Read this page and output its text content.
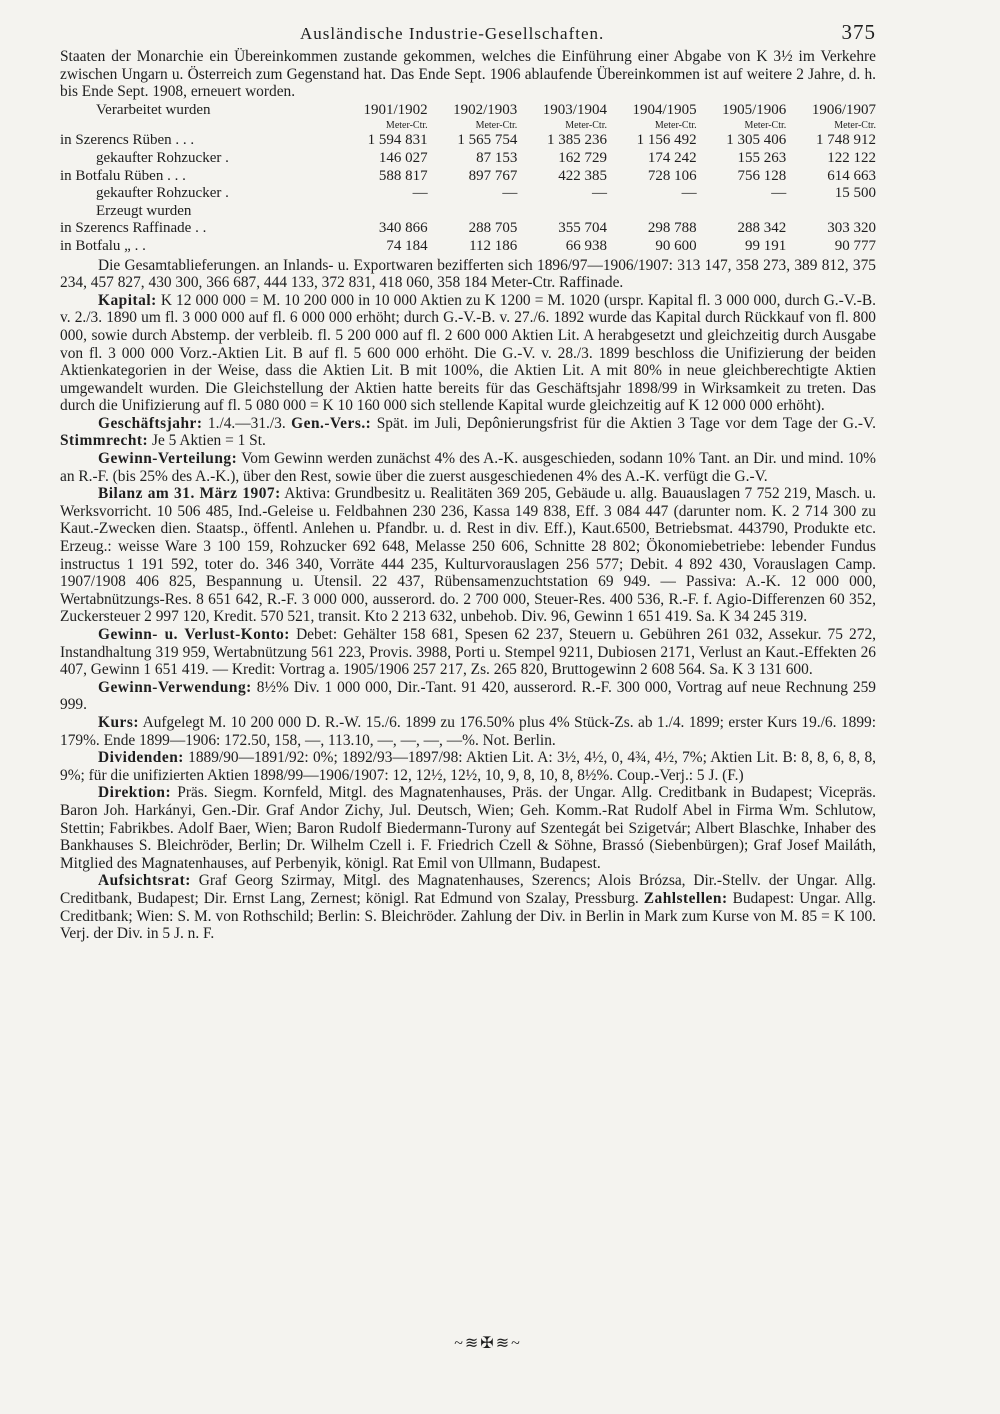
Ausländische Industrie-Gesellschaften.	375

Staaten der Monarchie ein Übereinkommen zustande gekommen, welches die Einführung einer Abgabe von K 3½ im Verkehre zwischen Ungarn u. Österreich zum Gegenstand hat. Das Ende Sept. 1906 ablaufende Übereinkommen ist auf weitere 2 Jahre, d. h. bis Ende Sept. 1908, erneuert worden.

Verarbeitet wurden	1901/1902	1902/1903	1903/1904	1904/1905	1905/1906	1906/1907
	Meter-Ctr.	Meter-Ctr.	Meter-Ctr.	Meter-Ctr.	Meter-Ctr.	Meter-Ctr.
in Szerencs Rüben . . .	1 594 831	1 565 754	1 385 236	1 156 492	1 305 406	1 748 912
gekaufter Rohzucker .	146 027	87 153	162 729	174 242	155 263	122 122
in Botfalu Rüben . . .	588 817	897 767	422 385	728 106	756 128	614 663
gekaufter Rohzucker .	—	—	—	—	—	15 500
Erzeugt wurden						
in Szerencs Raffinade . .	340 866	288 705	355 704	298 788	288 342	303 320
in Botfalu „ . .	74 184	112 186	66 938	90 600	99 191	90 777

Die Gesamtablieferungen. an Inlands- u. Exportwaren bezifferten sich 1896/97—1906/1907: 313 147, 358 273, 389 812, 375 234, 457 827, 430 300, 366 687, 444 133, 372 831, 418 060, 358 184 Meter-Ctr. Raffinade.

Kapital: K 12 000 000 = M. 10 200 000 in 10 000 Aktien zu K 1200 = M. 1020 (urspr. Kapital fl. 3 000 000, durch G.-V.-B. v. 2./3. 1890 um fl. 3 000 000 auf fl. 6 000 000 erhöht; durch G.-V.-B. v. 27./6. 1892 wurde das Kapital durch Rückkauf von fl. 800 000, sowie durch Abstemp. der verbleib. fl. 5 200 000 auf fl. 2 600 000 Aktien Lit. A herabgesetzt und gleichzeitig durch Ausgabe von fl. 3 000 000 Vorz.-Aktien Lit. B auf fl. 5 600 000 erhöht. Die G.-V. v. 28./3. 1899 beschloss die Unifizierung der beiden Aktienkategorien in der Weise, dass die Aktien Lit. B mit 100%, die Aktien Lit. A mit 80% in neue gleichberechtigte Aktien umgewandelt wurden. Die Gleichstellung der Aktien hatte bereits für das Geschäftsjahr 1898/99 in Wirksamkeit zu treten. Das durch die Unifizierung auf fl. 5 080 000 = K 10 160 000 sich stellende Kapital wurde gleichzeitig auf K 12 000 000 erhöht).

Geschäftsjahr: 1./4.—31./3. Gen.-Vers.: Spät. im Juli, Depônierungsfrist für die Aktien 3 Tage vor dem Tage der G.-V. Stimmrecht: Je 5 Aktien = 1 St.

Gewinn-Verteilung: Vom Gewinn werden zunächst 4% des A.-K. ausgeschieden, sodann 10% Tant. an Dir. und mind. 10% an R.-F. (bis 25% des A.-K.), über den Rest, sowie über die zuerst ausgeschiedenen 4% des A.-K. verfügt die G.-V.

Bilanz am 31. März 1907: Aktiva: Grundbesitz u. Realitäten 369 205, Gebäude u. allg. Bauauslagen 7 752 219, Masch. u. Werksvorricht. 10 506 485, Ind.-Geleise u. Feldbahnen 230 236, Kassa 149 838, Eff. 3 084 447 (darunter nom. K. 2 714 300 zu Kaut.-Zwecken dien. Staatsp., öffentl. Anlehen u. Pfandbr. u. d. Rest in div. Eff.), Kaut.6500, Betriebsmat. 443790, Produkte etc. Erzeug.: weisse Ware 3 100 159, Rohzucker 692 648, Melasse 250 606, Schnitte 28 802; Ökonomiebetriebe: lebender Fundus instructus 1 191 592, toter do. 346 340, Vorräte 444 235, Kulturvorauslagen 256 577; Debit. 4 892 430, Vorauslagen Camp. 1907/1908 406 825, Bespannung u. Utensil. 22 437, Rübensamenzuchtstation 69 949. — Passiva: A.-K. 12 000 000, Wertabnützungs-Res. 8 651 642, R.-F. 3 000 000, ausserord. do. 2 700 000, Steuer-Res. 400 536, R.-F. f. Agio-Differenzen 60 352, Zuckersteuer 2 997 120, Kredit. 570 521, transit. Kto 2 213 632, unbehob. Div. 96, Gewinn 1 651 419. Sa. K 34 245 319.

Gewinn- u. Verlust-Konto: Debet: Gehälter 158 681, Spesen 62 237, Steuern u. Gebühren 261 032, Assekur. 75 272, Instandhaltung 319 959, Wertabnützung 561 223, Provis. 3988, Porti u. Stempel 9211, Dubiosen 2171, Verlust an Kaut.-Effekten 26 407, Gewinn 1 651 419. — Kredit: Vortrag a. 1905/1906 257 217, Zs. 265 820, Bruttogewinn 2 608 564. Sa. K 3 131 600.

Gewinn-Verwendung: 8½% Div. 1 000 000, Dir.-Tant. 91 420, ausserord. R.-F. 300 000, Vortrag auf neue Rechnung 259 999.

Kurs: Aufgelegt M. 10 200 000 D. R.-W. 15./6. 1899 zu 176.50% plus 4% Stück-Zs. ab 1./4. 1899; erster Kurs 19./6. 1899: 179%. Ende 1899—1906: 172.50, 158, —, 113.10, —, —, —, —%. Not. Berlin.

Dividenden: 1889/90—1891/92: 0%; 1892/93—1897/98: Aktien Lit. A: 3½, 4½, 0, 4¾, 4½, 7%; Aktien Lit. B: 8, 8, 6, 8, 8, 9%; für die unifizierten Aktien 1898/99—1906/1907: 12, 12½, 12½, 10, 9, 8, 10, 8, 8½%. Coup.-Verj.: 5 J. (F.)

Direktion: Präs. Siegm. Kornfeld, Mitgl. des Magnatenhauses, Präs. der Ungar. Allg. Creditbank in Budapest; Vicepräs. Baron Joh. Harkányi, Gen.-Dir. Graf Andor Zichy, Jul. Deutsch, Wien; Geh. Komm.-Rat Rudolf Abel in Firma Wm. Schlutow, Stettin; Fabrikbes. Adolf Baer, Wien; Baron Rudolf Biedermann-Turony auf Szentegát bei Szigetvár; Albert Blaschke, Inhaber des Bankhauses S. Bleichröder, Berlin; Dr. Wilhelm Czell i. F. Friedrich Czell & Söhne, Brassó (Siebenbürgen); Graf Josef Mailáth, Mitglied des Magnatenhauses, auf Perbenyik, königl. Rat Emil von Ullmann, Budapest.

Aufsichtsrat: Graf Georg Szirmay, Mitgl. des Magnatenhauses, Szerencs; Alois Brózsa, Dir.-Stellv. der Ungar. Allg. Creditbank, Budapest; Dir. Ernst Lang, Zernest; königl. Rat Edmund von Szalay, Pressburg. Zahlstellen: Budapest: Ungar. Allg. Creditbank; Wien: S. M. von Rothschild; Berlin: S. Bleichröder. Zahlung der Div. in Berlin in Mark zum Kurse von M. 85 = K 100. Verj. der Div. in 5 J. n. F.

~≋✠≋~
